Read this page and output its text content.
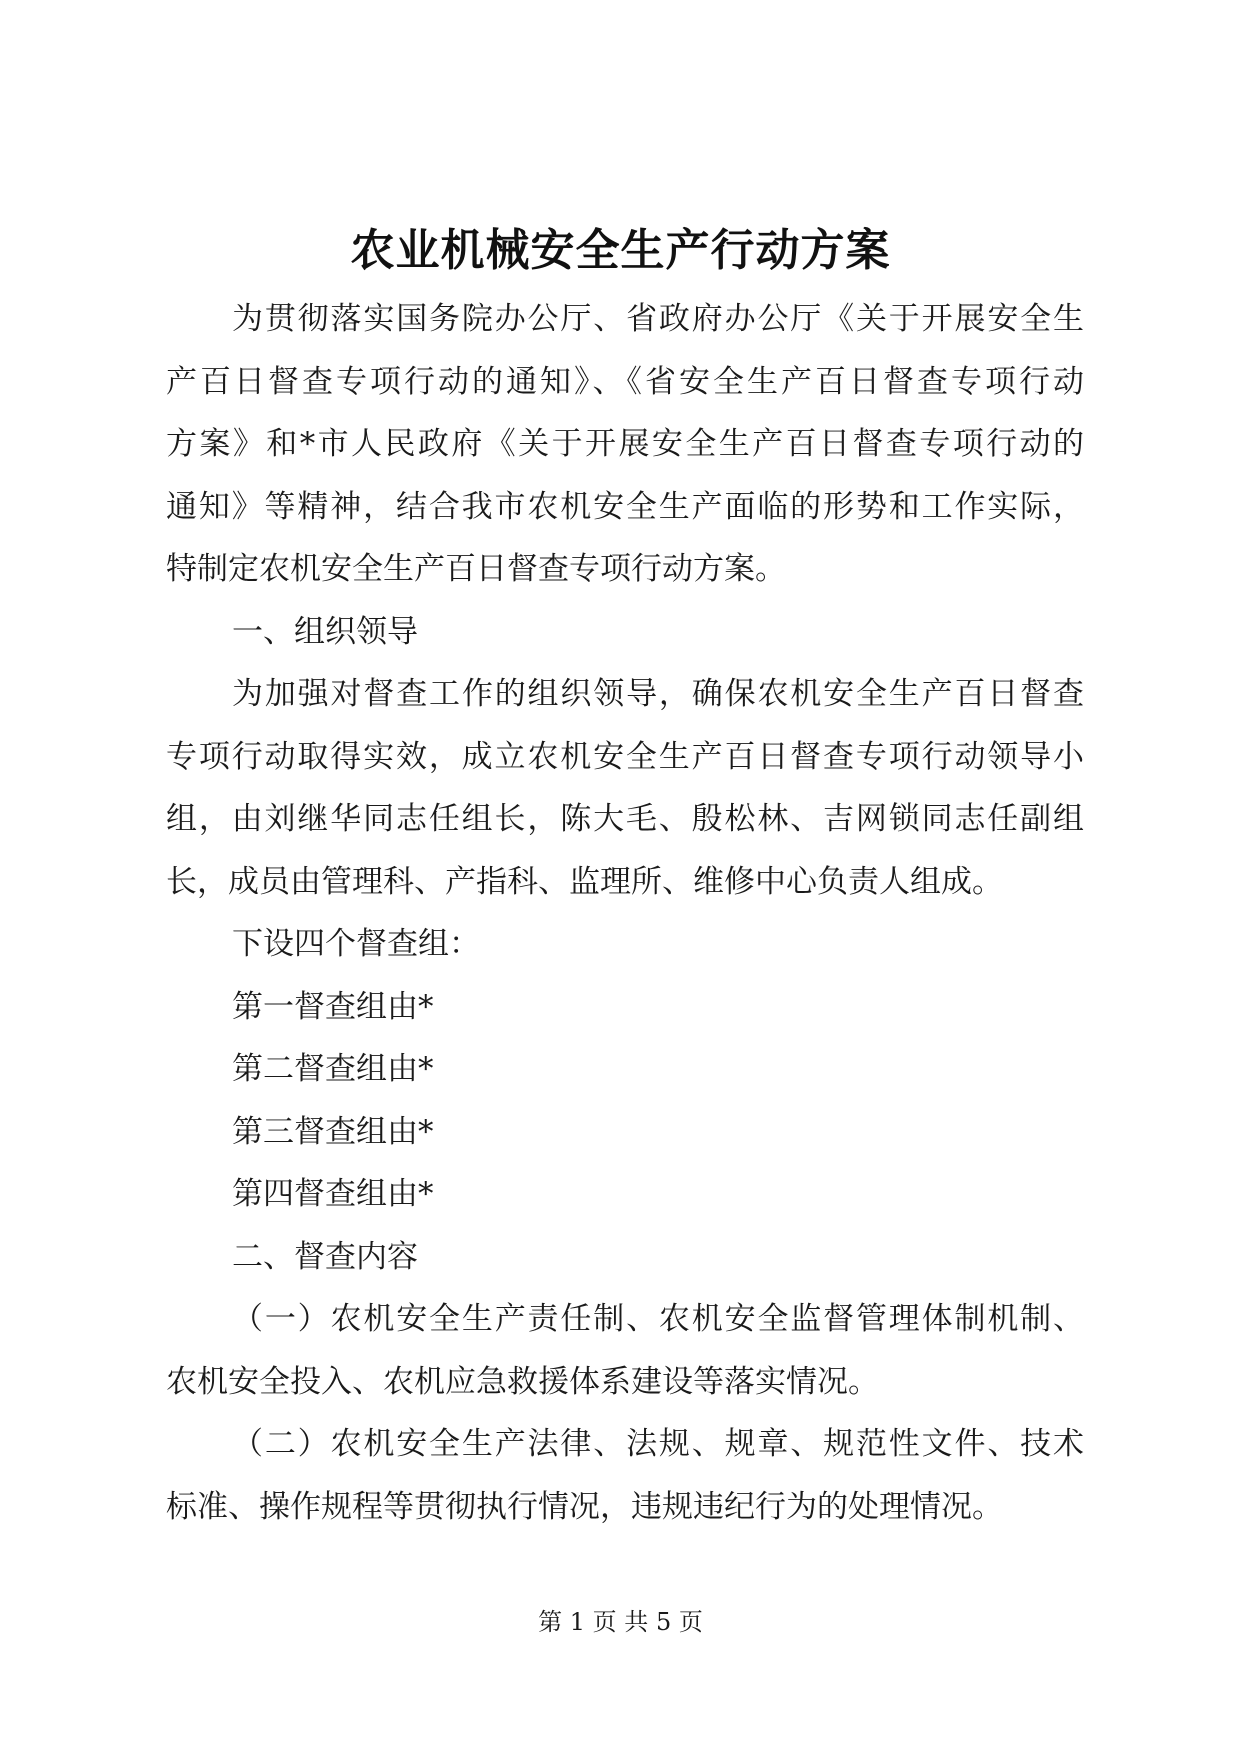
农业机械安全生产行动方案
为贯彻落实国务院办公厅、省政府办公厅《关于开展安全生
产百日督查专项行动的通知》、《省安全生产百日督查专项行动
方案》和*市人民政府《关于开展安全生产百日督查专项行动的
通知》等精神，结合我市农机安全生产面临的形势和工作实际，
特制定农机安全生产百日督查专项行动方案。
一、组织领导
为加强对督查工作的组织领导，确保农机安全生产百日督查
专项行动取得实效，成立农机安全生产百日督查专项行动领导小
组，由刘继华同志任组长，陈大毛、殷松林、吉网锁同志任副组
长，成员由管理科、产指科、监理所、维修中心负责人组成。
下设四个督查组：
第一督查组由*
第二督查组由*
第三督查组由*
第四督查组由*
二、督查内容
（一）农机安全生产责任制、农机安全监督管理体制机制、
农机安全投入、农机应急救援体系建设等落实情况。
（二）农机安全生产法律、法规、规章、规范性文件、技术
标准、操作规程等贯彻执行情况，违规违纪行为的处理情况。
第 1 页 共 5 页
